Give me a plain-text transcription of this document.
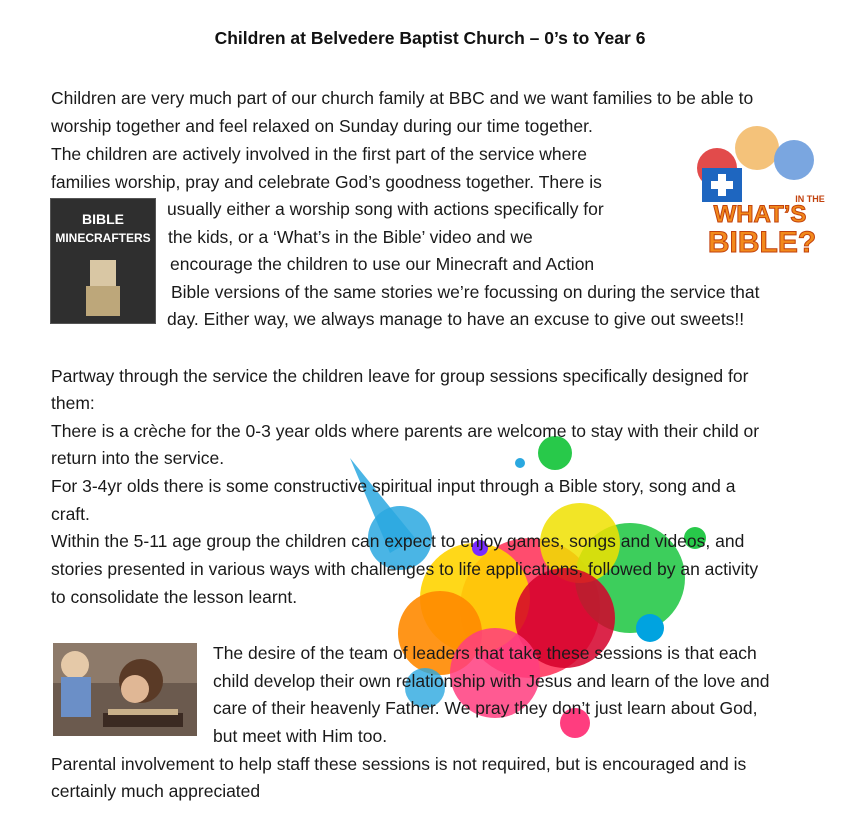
Children at Belvedere Baptist Church – 0’s to Year 6
BIBLE
MINECRAFTERS
WHAT’S
IN THE
BIBLE?
Children are very much part of our church family at BBC and we want families to be able to
worship together and feel relaxed on Sunday during our time together.
The children are actively involved in the first part of the service where
families worship, pray and celebrate God’s goodness together. There is
usually either a worship song with actions specifically for
the kids, or a ‘What’s in the Bible’ video and we
encourage the children to use our Minecraft and Action
Bible versions of the same stories we’re focussing on during the service that
day. Either way, we always manage to have an excuse to give out sweets!!
Partway through the service the children leave for group sessions specifically designed for
them:
There is a crèche for the 0-3 year olds where parents are welcome to stay with their child or
return into the service.
For 3-4yr olds there is some constructive spiritual input through a Bible story, song and a
craft.
Within the 5-11 age group the children can expect to enjoy games, songs and videos, and
stories presented in various ways with challenges to life applications, followed by an activity
to consolidate the lesson learnt.
The desire of the team of leaders that take these sessions is that each
child develop their own relationship with Jesus and learn of the love and
care of their heavenly Father. We pray they don’t just learn about God,
but meet with Him too.
Parental involvement to help staff these sessions is not required, but is encouraged and is
certainly much appreciated
